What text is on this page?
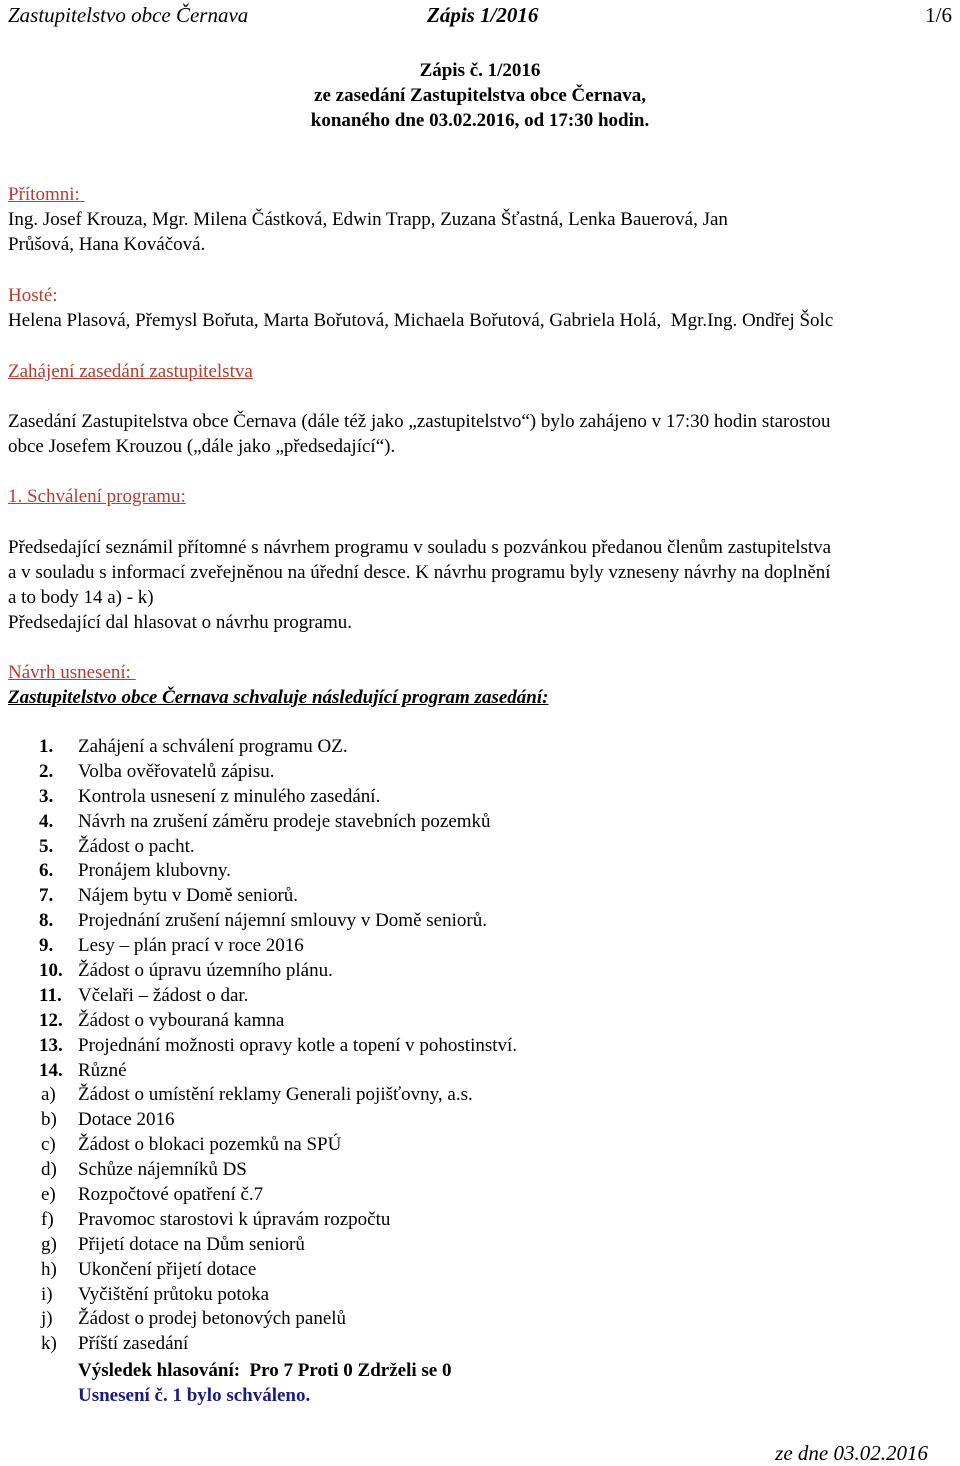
Zastupitelstvo obce Černava	Zápis 1/2016	1/6
Zápis č. 1/2016
ze zasedání Zastupitelstva obce Černava,
konaného dne 03.02.2016, od 17:30 hodin.

Přítomni:

Ing. Josef Krouza, Mgr. Milena Částková, Edwin Trapp, Zuzana Šťastná, Lenka Bauerová, Jan

Průšová, Hana Kováčová.

Hosté:

Helena Plasová, Přemysl Bořuta, Marta Bořutová, Michaela Bořutová, Gabriela Holá,  Mgr.Ing. Ondřej Šolc

Zahájení zasedání zastupitelstva

Zasedání Zastupitelstva obce Černava (dále též jako „zastupitelstvo“) bylo zahájeno v 17:30 hodin starostou

obce Josefem Krouzou („dále jako „předsedající“).

1. Schválení programu:

Předsedající seznámil přítomné s návrhem programu v souladu s pozvánkou předanou členům zastupitelstva

a v souladu s informací zveřejněnou na úřední desce. K návrhu programu byly vzneseny návrhy na doplnění

a to body 14 a) - k)

Předsedající dal hlasovat o návrhu programu.

Návrh usnesení:

Zastupitelstvo obce Černava schvaluje následující program zasedání:

1.	Zahájení a schválení programu OZ.
2.	Volba ověřovatelů zápisu.
3.	Kontrola usnesení z minulého zasedání.
4.	Návrh na zrušení záměru prodeje stavebních pozemků
5.	Žádost o pacht.
6.	Pronájem klubovny.
7.	Nájem bytu v Domě seniorů.
8.	Projednání zrušení nájemní smlouvy v Domě seniorů.
9.	Lesy – plán prací v roce 2016
10. Žádost o úpravu územního plánu.
11. Včelaři – žádost o dar.
12. Žádost o vybouraná kamna
13. Projednání možnosti opravy kotle a topení v pohostinství.
14. Různé
a) Žádost o umístění reklamy Generali pojišťovny, a.s.
b) Dotace 2016
c) Žádost o blokaci pozemků na SPÚ
d) Schůze nájemníků DS
e) Rozpočtové opatření č.7
f) Pravomoc starostovi k úpravám rozpočtu
g) Přijetí dotace na Dům seniorů
h) Ukončení přijetí dotace
i) Vyčištění průtoku potoka
j) Žádost o prodej betonových panelů
k) Příští zasedání
Výsledek hlasování:  Pro 7 Proti 0 Zdrželi se 0
Usnesení č. 1 bylo schváleno.
ze dne 03.02.2016
